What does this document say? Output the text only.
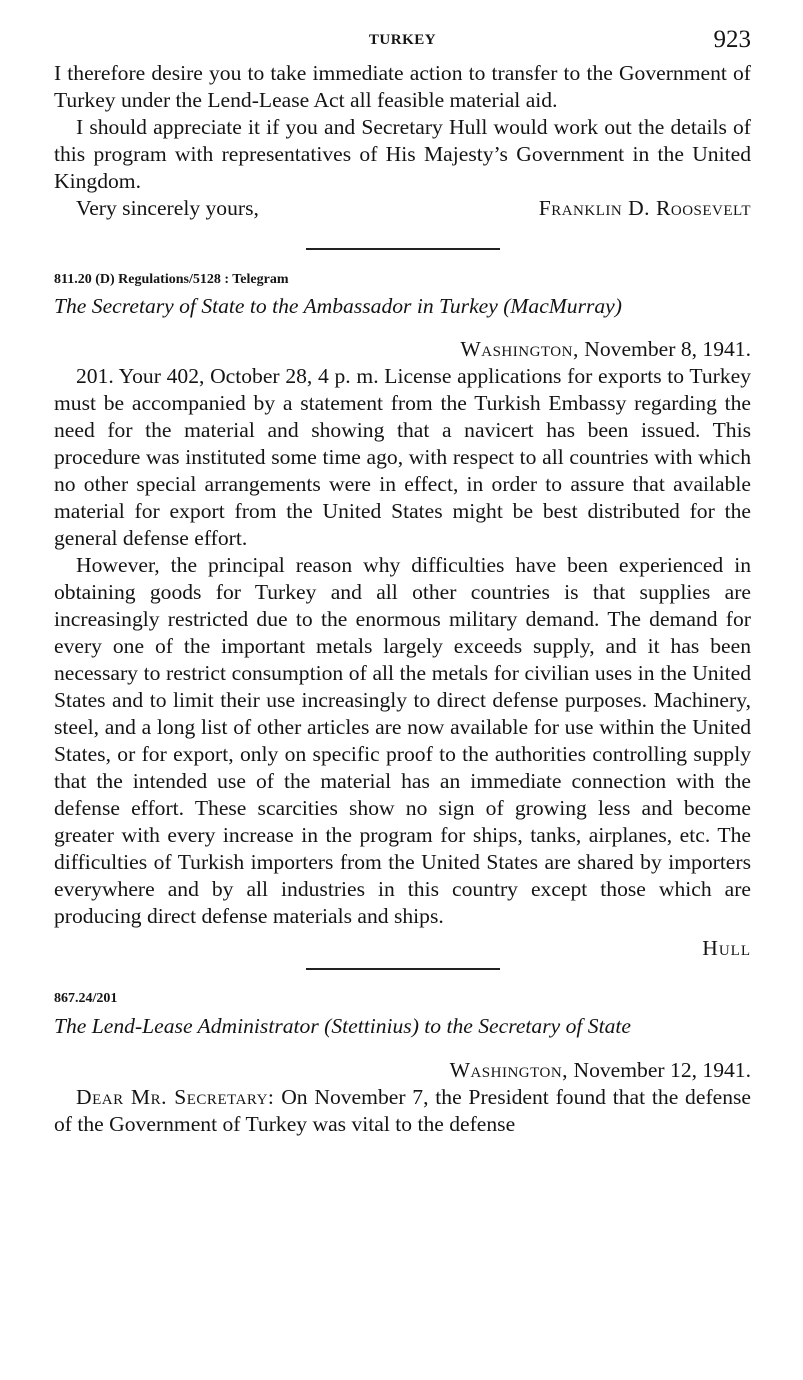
TURKEY	923

I therefore desire you to take immediate action to transfer to the Government of Turkey under the Lend-Lease Act all feasible material aid.

I should appreciate it if you and Secretary Hull would work out the details of this program with representatives of His Majesty’s Government in the United Kingdom.

Very sincerely yours,	Franklin D. Roosevelt
811.20 (D) Regulations/5128 : Telegram
The Secretary of State to the Ambassador in Turkey (MacMurray)
Washington, November 8, 1941.

201. Your 402, October 28, 4 p. m. License applications for exports to Turkey must be accompanied by a statement from the Turkish Embassy regarding the need for the material and showing that a navicert has been issued. This procedure was instituted some time ago, with respect to all countries with which no other special arrangements were in effect, in order to assure that available material for export from the United States might be best distributed for the general defense effort.

However, the principal reason why difficulties have been experienced in obtaining goods for Turkey and all other countries is that supplies are increasingly restricted due to the enormous military demand. The demand for every one of the important metals largely exceeds supply, and it has been necessary to restrict consumption of all the metals for civilian uses in the United States and to limit their use increasingly to direct defense purposes. Machinery, steel, and a long list of other articles are now available for use within the United States, or for export, only on specific proof to the authorities controlling supply that the intended use of the material has an immediate connection with the defense effort. These scarcities show no sign of growing less and become greater with every increase in the program for ships, tanks, airplanes, etc. The difficulties of Turkish importers from the United States are shared by importers everywhere and by all industries in this country except those which are producing direct defense materials and ships.

Hull
867.24/201
The Lend-Lease Administrator (Stettinius) to the Secretary of State
Washington, November 12, 1941.

Dear Mr. Secretary: On November 7, the President found that the defense of the Government of Turkey was vital to the defense
